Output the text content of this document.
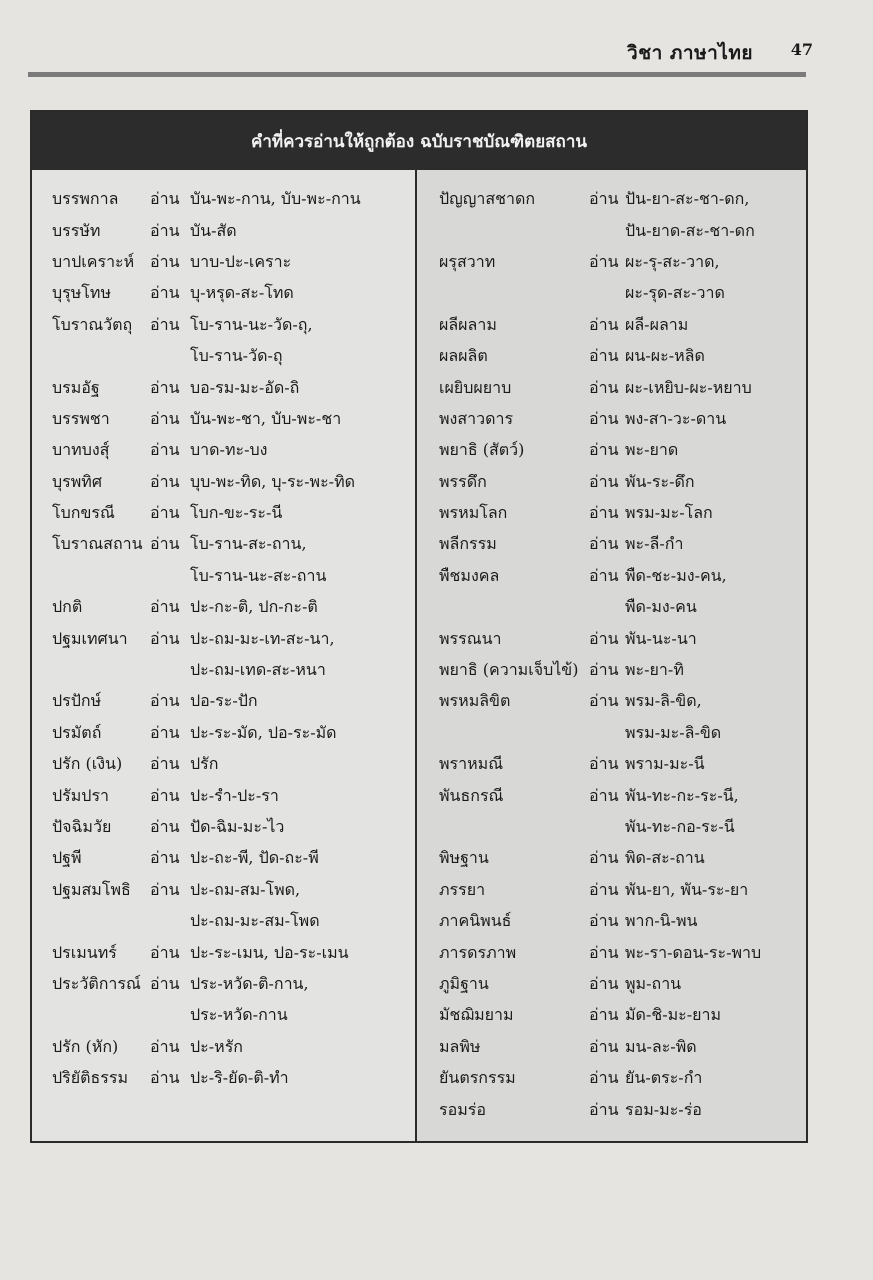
วิชา ภาษาไทย 47
คำที่ควรอ่านให้ถูกต้อง ฉบับราชบัณฑิตยสถาน
บรรพกาล	อ่าน บัน-พะ-กาน, บับ-พะ-กาน
บรรษัท	อ่าน บัน-สัด
บาปเคราะห์ อ่าน บาบ-ปะ-เคราะ
บุรุษโทษ	อ่าน บุ-หรุด-สะ-โทด
โบราณวัตถุ	อ่าน โบ-ราน-นะ-วัด-ถุ,
โบ-ราน-วัด-ถุ
บรมอัฐ	อ่าน บอ-รม-มะ-อัด-ถิ
บรรพชา	อ่าน บัน-พะ-ชา, บับ-พะ-ชา
บาทบงสุ์	อ่าน บาด-ทะ-บง
บุรพทิศ	อ่าน บุบ-พะ-ทิด, บุ-ระ-พะ-ทิด
โบกขรณี	อ่าน โบก-ขะ-ระ-นี
โบราณสถาน อ่าน โบ-ราน-สะ-ถาน,
โบ-ราน-นะ-สะ-ถาน
ปกติ	อ่าน ปะ-กะ-ติ, ปก-กะ-ติ
ปฐมเทศนา	อ่าน ปะ-ถม-มะ-เท-สะ-นา,
ปะ-ถม-เทด-สะ-หนา
ปรปักษ์	อ่าน ปอ-ระ-ปัก
ปรมัตถ์	อ่าน ปะ-ระ-มัด, ปอ-ระ-มัด
ปรัก (เงิน)	อ่าน ปรัก
ปรัมปรา	อ่าน ปะ-รำ-ปะ-รา
ปัจฉิมวัย	อ่าน ปัด-ฉิม-มะ-ไว
ปฐพี	อ่าน ปะ-ถะ-พี, ปัด-ถะ-พี
ปฐมสมโพธิ	อ่าน ปะ-ถม-สม-โพด,
ปะ-ถม-มะ-สม-โพด
ปรเมนทร์	อ่าน ปะ-ระ-เมน, ปอ-ระ-เมน
ประวัติการณ์ อ่าน ประ-หวัด-ติ-กาน,
ประ-หวัด-กาน
ปรัก (หัก)	อ่าน ปะ-หรัก
ปริยัติธรรม	อ่าน ปะ-ริ-ยัด-ติ-ทำ
ปัญญาสชาดก	อ่าน ปัน-ยา-สะ-ชา-ดก,
ปัน-ยาด-สะ-ชา-ดก
ผรุสวาท	อ่าน ผะ-รุ-สะ-วาด,
ผะ-รุด-สะ-วาด
ผลีผลาม	อ่าน ผลี-ผลาม
ผลผลิต	อ่าน ผน-ผะ-หลิด
เผยิบผยาบ	อ่าน ผะ-เหยิบ-ผะ-หยาบ
พงสาวดาร	อ่าน พง-สา-วะ-ดาน
พยาธิ (สัตว์)	อ่าน พะ-ยาด
พรรดึก	อ่าน พัน-ระ-ดึก
พรหมโลก	อ่าน พรม-มะ-โลก
พลีกรรม	อ่าน พะ-ลี-กำ
พืชมงคล	อ่าน พืด-ชะ-มง-คน,
พืด-มง-คน
พรรณนา	อ่าน พัน-นะ-นา
พยาธิ (ความเจ็บไข้) อ่าน พะ-ยา-ทิ
พรหมลิขิต	อ่าน พรม-ลิ-ขิด,
พรม-มะ-ลิ-ขิด
พราหมณี	อ่าน พราม-มะ-นี
พันธกรณี	อ่าน พัน-ทะ-กะ-ระ-นี,
พัน-ทะ-กอ-ระ-นี
พิษฐาน	อ่าน พิด-สะ-ถาน
ภรรยา	อ่าน พัน-ยา, พัน-ระ-ยา
ภาคนิพนธ์	อ่าน พาก-นิ-พน
ภารดรภาพ	อ่าน พะ-รา-ดอน-ระ-พาบ
ภูมิฐาน	อ่าน พูม-ถาน
มัชฌิมยาม	อ่าน มัด-ชิ-มะ-ยาม
มลพิษ	อ่าน มน-ละ-พิด
ยันตรกรรม	อ่าน ยัน-ตระ-กำ
รอมร่อ	อ่าน รอม-มะ-ร่อ
